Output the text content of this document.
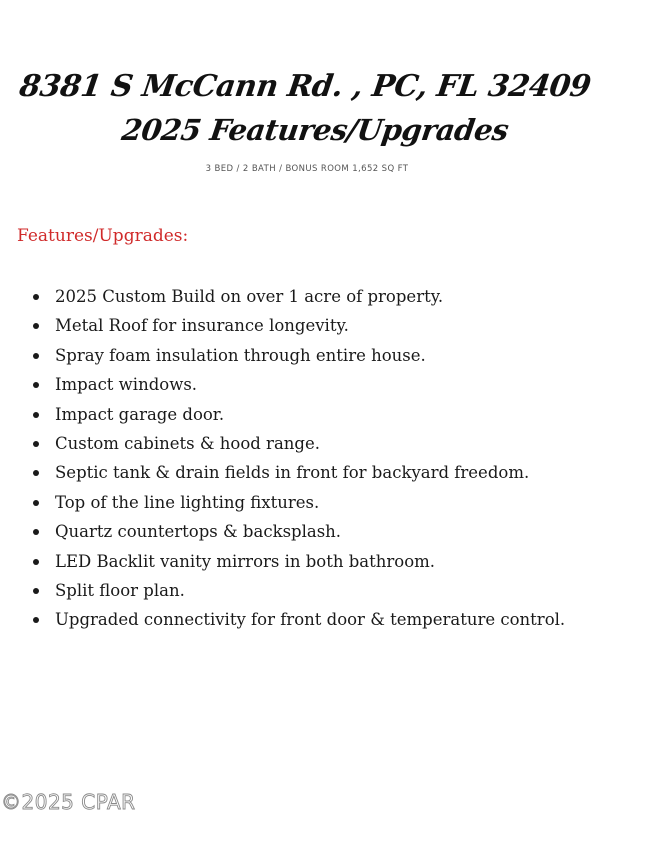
8381 S McCann Rd. , PC, FL 32409
2025 Features/Upgrades
3 BED / 2 BATH / BONUS ROOM 1,652 SQ FT
Features/Upgrades:
2025 Custom Build on over 1 acre of property.
Metal Roof for insurance longevity.
Spray foam insulation through entire house.
Impact windows.
Impact garage door.
Custom cabinets & hood range.
Septic tank & drain fields in front for backyard freedom.
Top of the line lighting fixtures.
Quartz countertops & backsplash.
LED Backlit vanity mirrors in both bathroom.
Split floor plan.
Upgraded connectivity for front door & temperature control.
©2025 CPAR
